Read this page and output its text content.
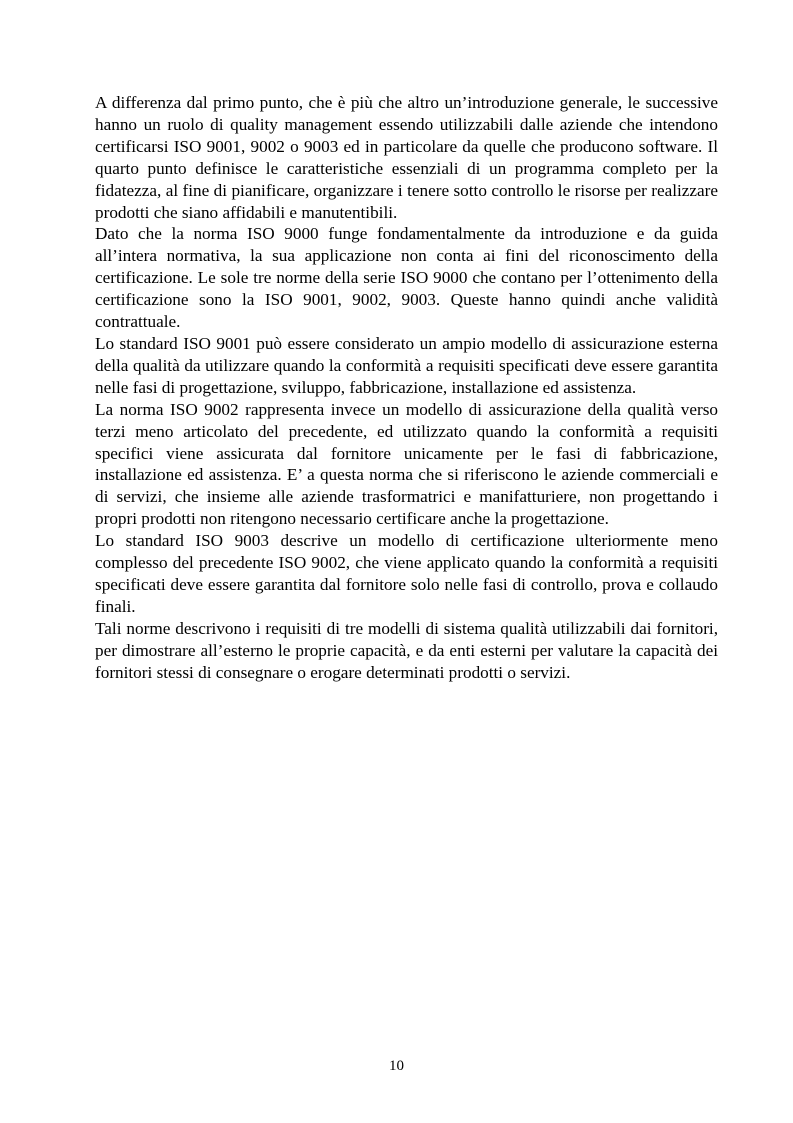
A differenza dal primo punto, che è più che altro un’introduzione generale, le successive hanno un ruolo di quality management essendo utilizzabili dalle aziende che intendono certificarsi ISO 9001, 9002 o 9003 ed in particolare da quelle che producono software. Il quarto punto definisce le caratteristiche essenziali di un programma completo per la fidatezza, al fine di pianificare, organizzare i tenere sotto controllo le risorse per realizzare prodotti che siano affidabili e manutentibili.

Dato che la norma ISO 9000 funge fondamentalmente da introduzione e da guida all’intera normativa, la sua applicazione non conta ai fini del riconoscimento della certificazione. Le sole tre norme della serie ISO 9000 che contano per l’ottenimento della certificazione sono la ISO 9001, 9002, 9003. Queste hanno quindi anche validità contrattuale.

Lo standard ISO 9001 può essere considerato un ampio modello di assicurazione esterna della qualità da utilizzare quando la conformità a requisiti specificati deve essere garantita nelle fasi di progettazione, sviluppo, fabbricazione, installazione ed assistenza.

La norma ISO 9002 rappresenta invece un modello di assicurazione della qualità verso terzi meno articolato del precedente, ed utilizzato quando la conformità a requisiti specifici viene assicurata dal fornitore unicamente per le fasi di fabbricazione, installazione ed assistenza. E’ a questa norma che si riferiscono le aziende commerciali e di servizi, che insieme alle aziende trasformatrici e manifatturiere, non progettando i propri prodotti non ritengono necessario certificare anche la progettazione.

Lo standard ISO 9003 descrive un modello di certificazione ulteriormente meno complesso del precedente ISO 9002, che viene applicato quando la conformità a requisiti specificati deve essere garantita dal fornitore solo nelle fasi di controllo, prova e collaudo finali.

Tali norme descrivono i requisiti di tre modelli di sistema qualità utilizzabili dai fornitori, per dimostrare all’esterno le proprie capacità, e da enti esterni per valutare la capacità dei fornitori stessi di consegnare o erogare determinati prodotti o servizi.

10
